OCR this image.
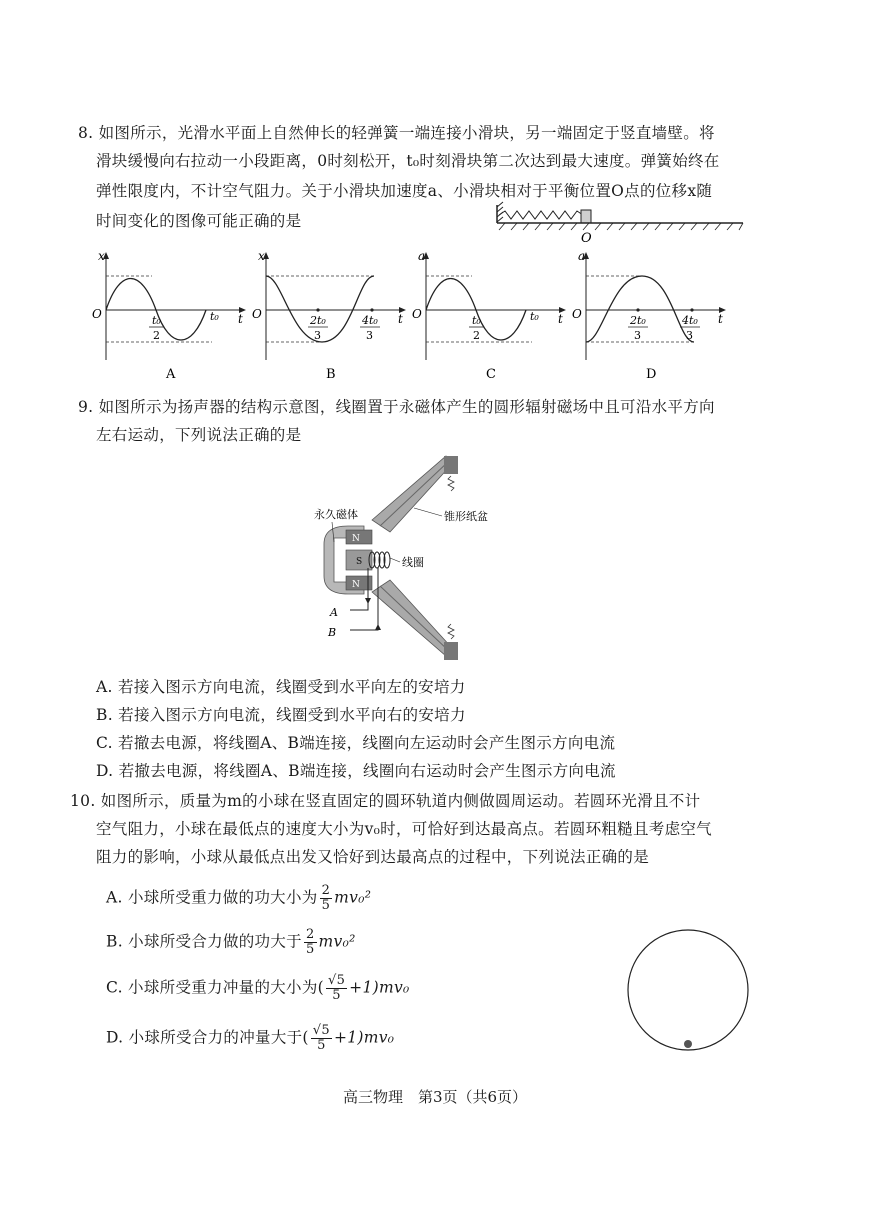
8. 如图所示，光滑水平面上自然伸长的轻弹簧一端连接小滑块，另一端固定于竖直墙壁。将
滑块缓慢向右拉动一小段距离，0时刻松开，t₀时刻滑块第二次达到最大速度。弹簧始终在
弹性限度内，不计空气阻力。关于小滑块加速度a、小滑块相对于平衡位置O点的位移x随
时间变化的图像可能正确的是
O
x
O	t
t₀
2
t₀
A
x
O	t
2t₀
3
4t₀
3
B
a
O	t
t₀
2
t₀
C
a
O	t
2t₀
3
4t₀
3
D
9. 如图所示为扬声器的结构示意图，线圈置于永磁体产生的圆形辐射磁场中且可沿水平方向
左右运动，下列说法正确的是
N
S
N
A
B
永久磁体	锥形纸盆
线圈
A. 若接入图示方向电流，线圈受到水平向左的安培力
B. 若接入图示方向电流，线圈受到水平向右的安培力
C. 若撤去电源，将线圈A、B端连接，线圈向左运动时会产生图示方向电流
D. 若撤去电源，将线圈A、B端连接，线圈向右运动时会产生图示方向电流
10. 如图所示，质量为m的小球在竖直固定的圆环轨道内侧做圆周运动。若圆环光滑且不计
空气阻力，小球在最低点的速度大小为v₀时，可恰好到达最高点。若圆环粗糙且考虑空气
阻力的影响，小球从最低点出发又恰好到达最高点的过程中，下列说法正确的是
A. 小球所受重力做的功大小为 $\frac{2}{5} mv_0^2$
B. 小球所受合力做的功大于 $\frac{2}{5} mv_0^2$
C. 小球所受重力冲量的大小为( $\frac{√5}{5} +1)mv_0$
D. 小球所受合力的冲量大于( $\frac{√5}{5} +1)mv_0$
高三物理　第3页（共6页）
